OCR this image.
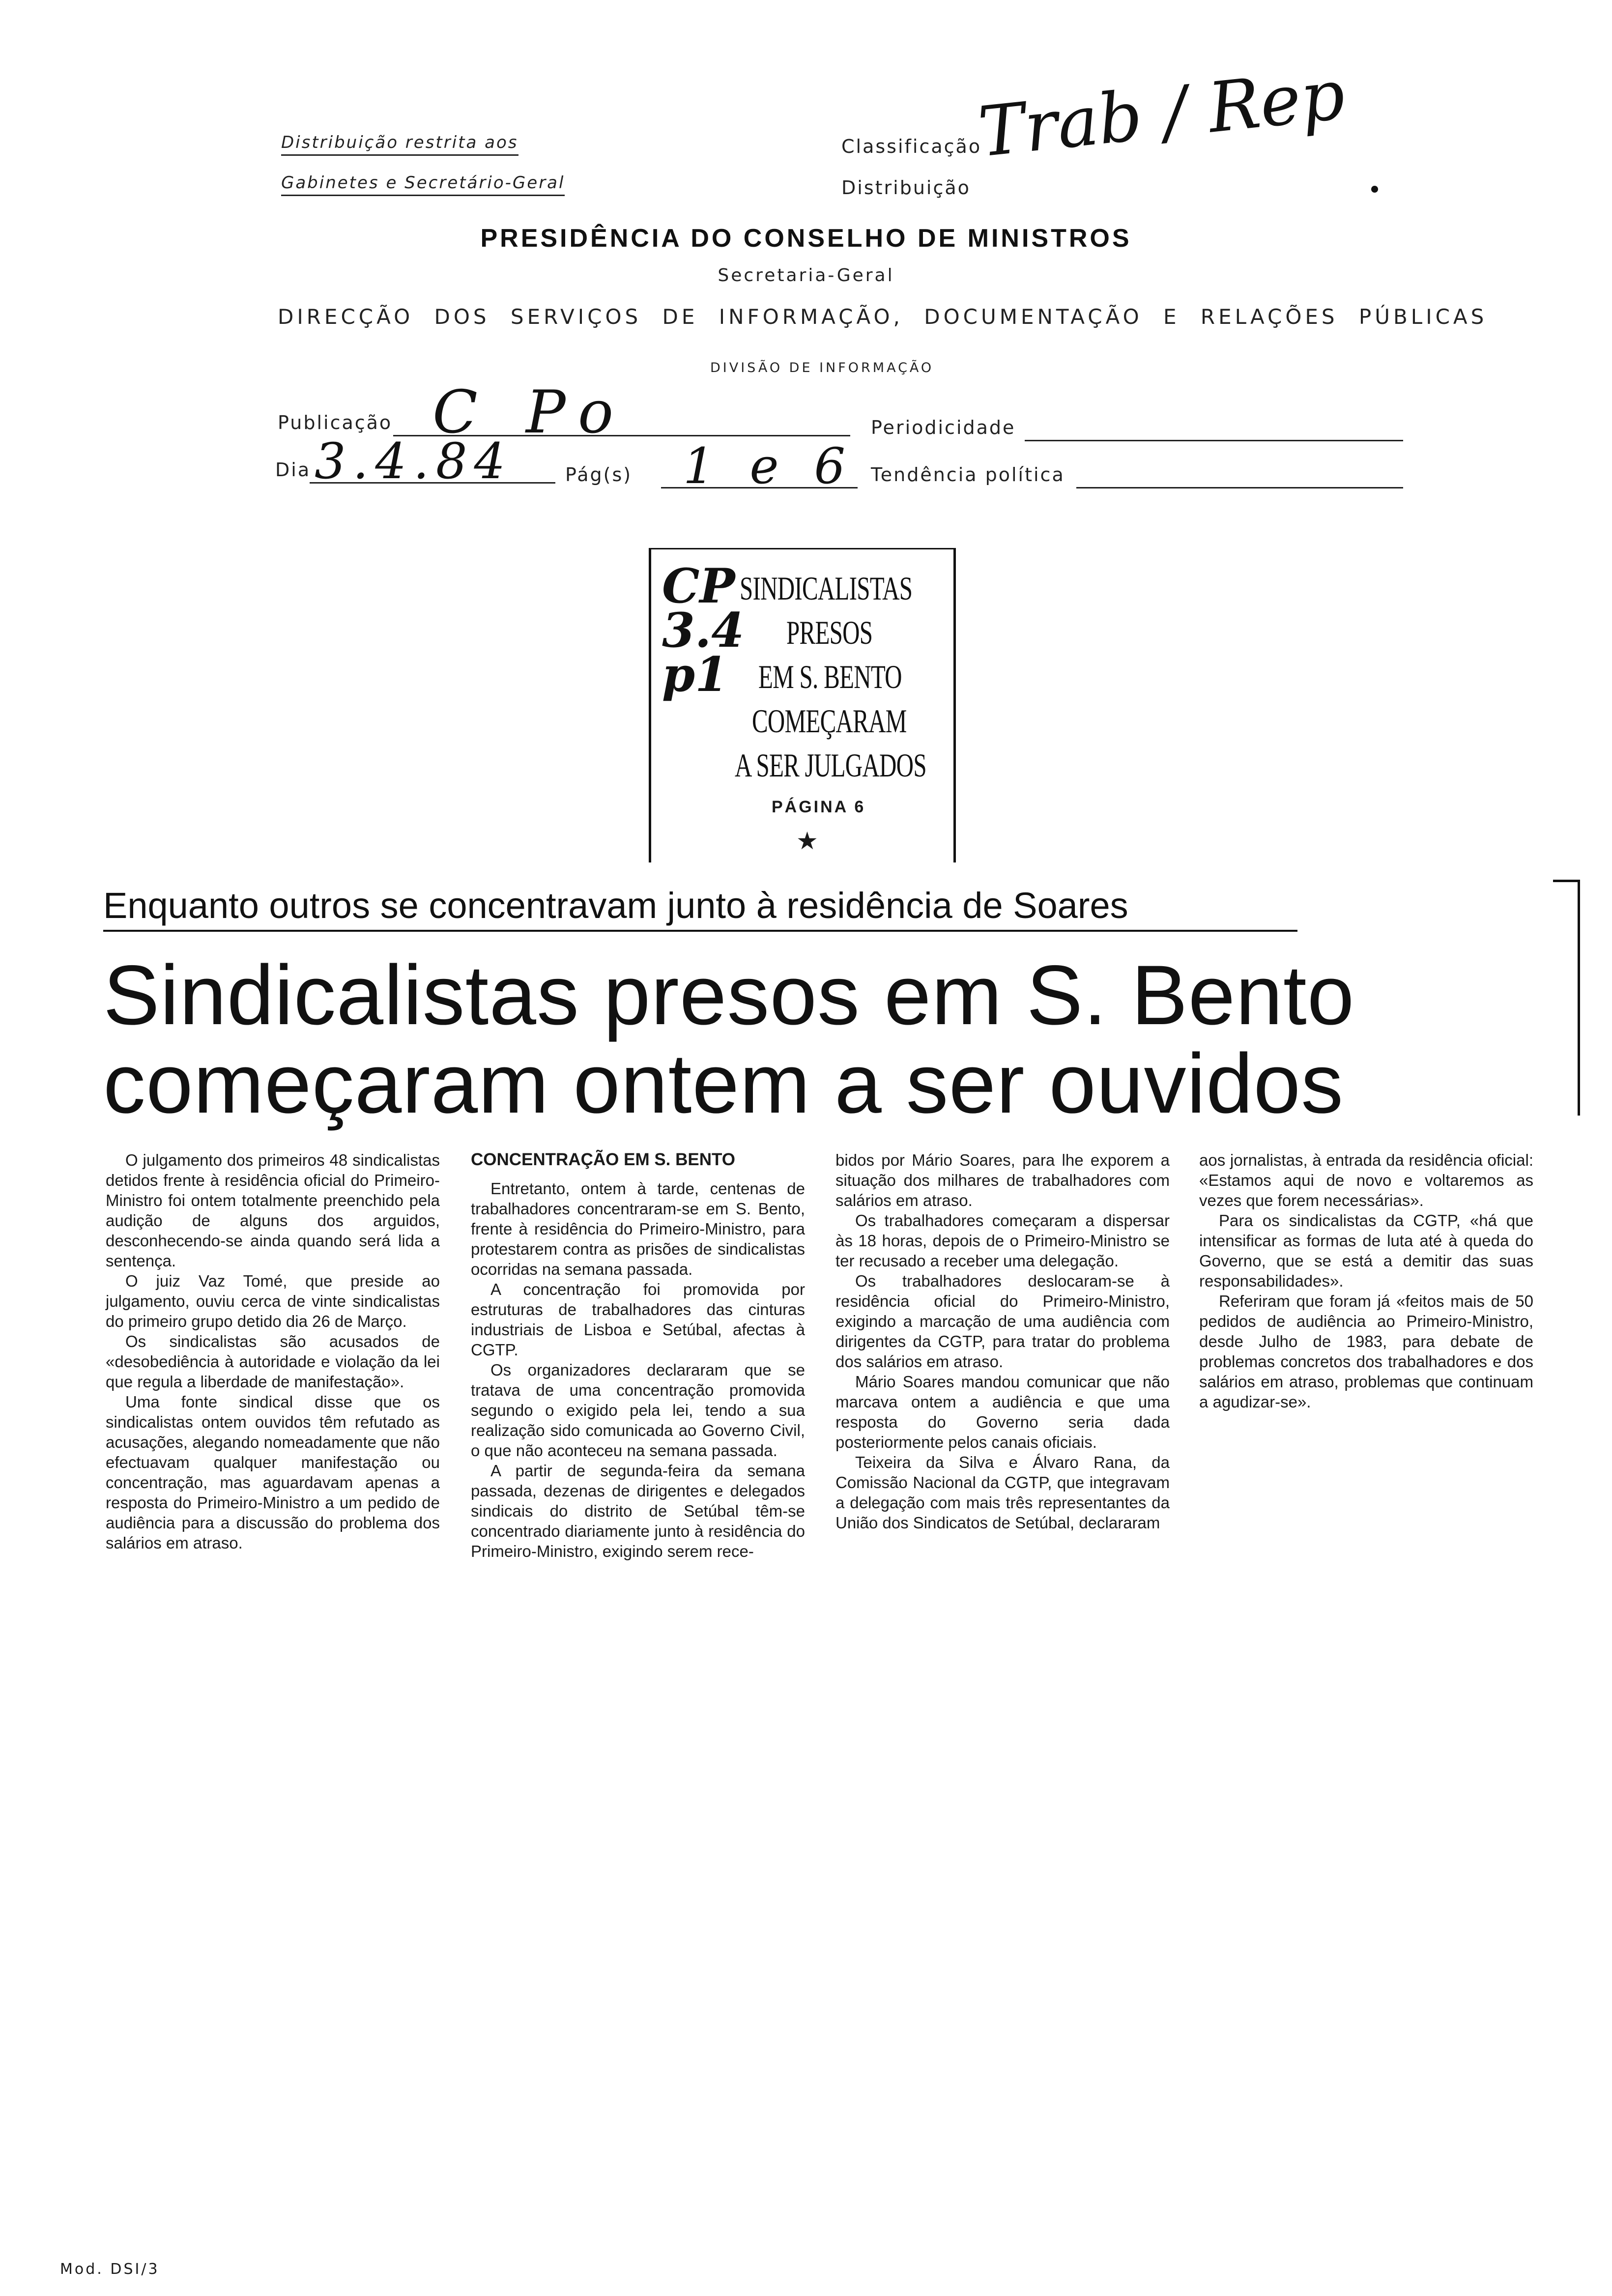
Distribuição restrita aos
Gabinetes e Secretário-Geral
Classificação
Distribuição
Trab / Rep
PRESIDÊNCIA DO CONSELHO DE MINISTROS
Secretaria-Geral
DIRECÇÃO DOS SERVIÇOS DE INFORMAÇÃO, DOCUMENTAÇÃO E RELAÇÕES PÚBLICAS
DIVISÃO DE INFORMAÇÃO
Publicação C Po	Periodicidade
Dia 3.4.84	Pág(s) 1 e 6 Tendência política
CP 3.4 p1
SINDICALISTAS
PRESOS
EM S. BENTO
COMEÇARAM
A SER JULGADOS
PÁGINA 6
★
Enquanto outros se concentravam junto à residência de Soares
Sindicalistas presos em S. Bento
começaram ontem a ser ouvidos

O julgamento dos primeiros 48 sindicalistas detidos frente à residência oficial do Primeiro-Ministro foi ontem totalmente preenchido pela audição de alguns dos arguidos, desconhecendo-se ainda quando será lida a sentença.

O juiz Vaz Tomé, que preside ao julgamento, ouviu cerca de vinte sindicalistas do primeiro grupo detido dia 26 de Março.

Os sindicalistas são acusados de «desobediência à autoridade e violação da lei que regula a liberdade de manifestação».

Uma fonte sindical disse que os sindicalistas ontem ouvidos têm refutado as acusações, alegando nomeadamente que não efectuavam qualquer manifestação ou concentração, mas aguardavam apenas a resposta do Primeiro-Ministro a um pedido de audiência para a discussão do problema dos salários em atraso.

CONCENTRAÇÃO EM S. BENTO

Entretanto, ontem à tarde, centenas de trabalhadores concentraram-se em S. Bento, frente à residência do Primeiro-Ministro, para protestarem contra as prisões de sindicalistas ocorridas na semana passada.

A concentração foi promovida por estruturas de trabalhadores das cinturas industriais de Lisboa e Setúbal, afectas à CGTP.

Os organizadores declararam que se tratava de uma concentração promovida segundo o exigido pela lei, tendo a sua realização sido comunicada ao Governo Civil, o que não aconteceu na semana passada.

A partir de segunda-feira da semana passada, dezenas de dirigentes e delegados sindicais do distrito de Setúbal têm-se concentrado diariamente junto à residência do Primeiro-Ministro, exigindo serem rece-

bidos por Mário Soares, para lhe exporem a situação dos milhares de trabalhadores com salários em atraso.

Os trabalhadores começaram a dispersar às 18 horas, depois de o Primeiro-Ministro se ter recusado a receber uma delegação.

Os trabalhadores deslocaram-se à residência oficial do Primeiro-Ministro, exigindo a marcação de uma audiência com dirigentes da CGTP, para tratar do problema dos salários em atraso.

Mário Soares mandou comunicar que não marcava ontem a audiência e que uma resposta do Governo seria dada posteriormente pelos canais oficiais.

Teixeira da Silva e Álvaro Rana, da Comissão Nacional da CGTP, que integravam a delegação com mais três representantes da União dos Sindicatos de Setúbal, declararam

aos jornalistas, à entrada da residência oficial: «Estamos aqui de novo e voltaremos as vezes que forem necessárias».

Para os sindicalistas da CGTP, «há que intensificar as formas de luta até à queda do Governo, que se está a demitir das suas responsabilidades».

Referiram que foram já «feitos mais de 50 pedidos de audiência ao Primeiro-Ministro, desde Julho de 1983, para debate de problemas concretos dos trabalhadores e dos salários em atraso, problemas que continuam a agudizar-se».

Mod. DSI/3
